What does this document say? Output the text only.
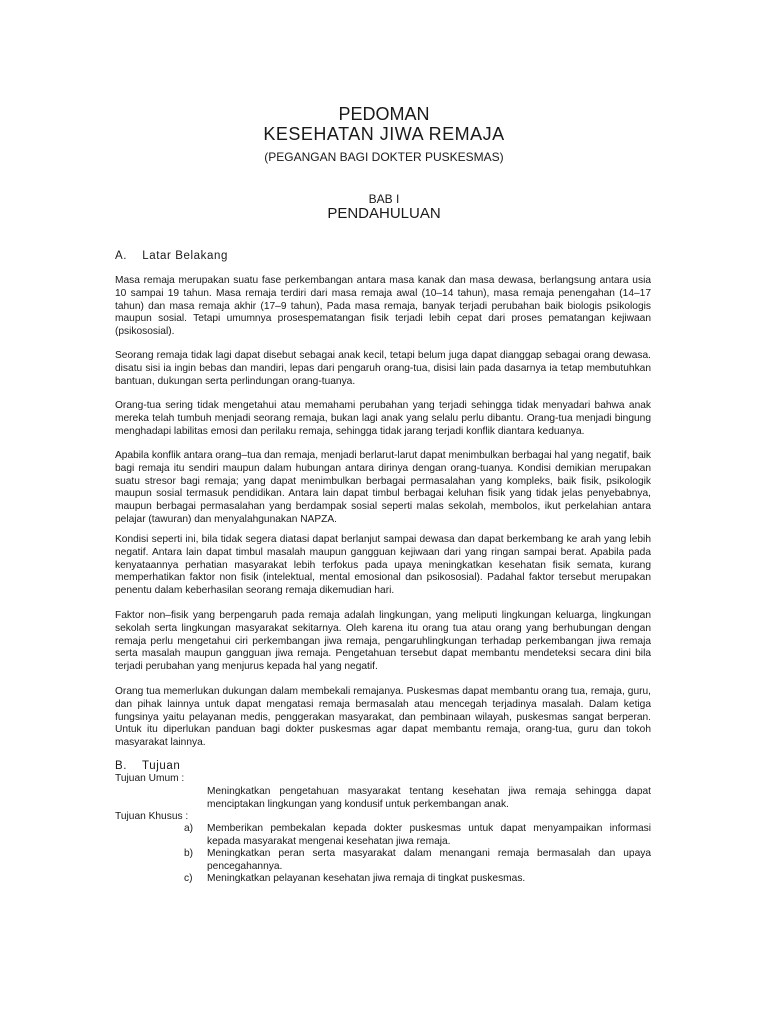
PEDOMAN
KESEHATAN JIWA REMAJA
(PEGANGAN BAGI DOKTER PUSKESMAS)
BAB I
PENDAHULUAN
A.    Latar Belakang

Masa remaja merupakan suatu fase perkembangan antara masa kanak dan masa dewasa, berlangsung antara usia 10 sampai 19 tahun. Masa remaja terdiri dari masa remaja awal (10–14 tahun), masa remaja penengahan (14–17 tahun) dan masa remaja akhir (17–9 tahun), Pada masa remaja, banyak terjadi perubahan baik biologis psikologis maupun sosial. Tetapi umumnya prosespematangan fisik terjadi lebih cepat dari proses pematangan kejiwaan (psikososial).

Seorang remaja tidak lagi dapat disebut sebagai anak kecil, tetapi belum juga dapat dianggap sebagai orang dewasa. disatu sisi ia ingin bebas dan mandiri, lepas dari pengaruh orang-tua, disisi lain pada dasarnya ia tetap membutuhkan bantuan, dukungan serta perlindungan orang-tuanya.

Orang-tua sering tidak mengetahui atau memahami perubahan yang terjadi sehingga tidak menyadari bahwa anak mereka telah tumbuh menjadi seorang remaja, bukan lagi anak yang selalu perlu dibantu. Orang-tua menjadi bingung menghadapi labilitas emosi dan perilaku remaja, sehingga tidak jarang terjadi konflik diantara keduanya.

Apabila konflik antara orang–tua dan remaja, menjadi berlarut-larut dapat menimbulkan berbagai hal yang negatif, baik bagi remaja itu sendiri maupun dalam hubungan antara dirinya dengan orang-tuanya. Kondisi demikian merupakan suatu stresor bagi remaja; yang dapat menimbulkan berbagai permasalahan yang kompleks, baik fisik, psikologik maupun sosial termasuk pendidikan. Antara lain dapat timbul berbagai keluhan fisik yang tidak jelas penyebabnya, maupun berbagai permasalahan yang berdampak sosial seperti malas sekolah, membolos, ikut perkelahian antara pelajar (tawuran) dan menyalahgunakan NAPZA.

Kondisi seperti ini, bila tidak segera diatasi dapat berlanjut sampai dewasa dan dapat berkembang ke arah yang lebih negatif. Antara lain dapat timbul masalah maupun gangguan kejiwaan dari yang ringan sampai berat. Apabila pada kenyataannya perhatian masyarakat lebih terfokus pada upaya meningkatkan kesehatan fisik semata, kurang memperhatikan faktor non fisik (intelektual, mental emosional dan psikososial). Padahal faktor tersebut merupakan penentu dalam keberhasilan seorang remaja dikemudian hari.

Faktor non–fisik yang berpengaruh pada remaja adalah lingkungan, yang meliputi lingkungan keluarga, lingkungan sekolah serta lingkungan masyarakat sekitarnya. Oleh karena itu orang tua atau orang yang berhubungan dengan remaja perlu mengetahui ciri perkembangan jiwa remaja, pengaruhlingkungan terhadap perkembangan jiwa remaja serta masalah maupun gangguan jiwa remaja. Pengetahuan tersebut dapat membantu mendeteksi secara dini bila terjadi perubahan yang menjurus kepada hal yang negatif.

Orang tua memerlukan dukungan dalam membekali remajanya. Puskesmas dapat membantu orang tua, remaja, guru, dan pihak lainnya untuk dapat mengatasi remaja bermasalah atau mencegah terjadinya masalah. Dalam ketiga fungsinya yaitu pelayanan medis, penggerakan masyarakat, dan pembinaan wilayah, puskesmas sangat berperan. Untuk itu diperlukan panduan bagi dokter puskesmas agar dapat membantu remaja, orang-tua, guru dan tokoh masyarakat lainnya.

B.    Tujuan
Tujuan Umum :

Meningkatkan pengetahuan masyarakat tentang kesehatan jiwa remaja sehingga dapat menciptakan lingkungan yang kondusif untuk perkembangan anak.

Tujuan Khusus :
a) Memberikan pembekalan kepada dokter puskesmas untuk dapat menyampaikan informasi kepada masyarakat mengenai kesehatan jiwa remaja.

b) Meningkatkan peran serta masyarakat dalam menangani remaja bermasalah dan upaya pencegahannya.

c) Meningkatkan pelayanan kesehatan jiwa remaja di tingkat puskesmas.
